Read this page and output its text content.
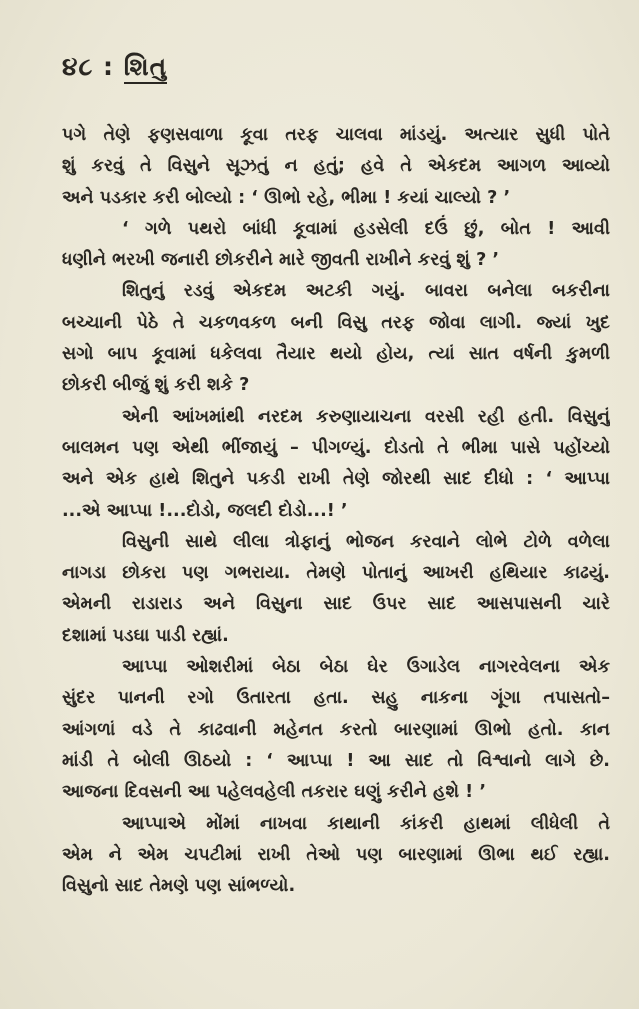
૪૮ : શિતુ
પગે તેણે ફણસવાળા કૂવા તરફ ચાલવા માંડયું. અત્યાર સુધી પોતે
શું કરવું તે વિસુને સૂઝતું ન હતું; હવે તે એકદમ આગળ આવ્યો
અને પડકાર કરી બોલ્યો : ‘ ઊભો રહે, ભીમા ! કયાં ચાલ્યો ? ’
‘ ગળે પથરો બાંધી કૂવામાં હડસેલી દઉં છું, બોત ! આવી
ધણીને ભરખી જનારી છોકરીને મારે જીવતી રાખીને કરવું શું ? ’
શિતુનું રડવું એકદમ અટકી ગયું. બાવરા બનેલા બકરીના
બચ્ચાની પેઠે તે ચકળવકળ બની વિસુ તરફ જોવા લાગી. જ્યાં ખુદ
સગો બાપ કૂવામાં ધકેલવા તૈયાર થયો હોય, ત્યાં સાત વર્ષની કુમળી
છોકરી બીજું શું કરી શકે ?
એની આંખમાંથી નરદમ કરુણાયાચના વરસી રહી હતી. વિસુનું
બાલમન પણ એથી ભીંજાયું – પીગળ્યું. દોડતો તે ભીમા પાસે પહોંચ્યો
અને એક હાથે શિતુને પકડી રાખી તેણે જોરથી સાદ દીધો : ‘ આપ્પા
...એ આપ્પા !...દોડો, જલદી દોડો...! ’
વિસુની સાથે લીલા ત્રોફાનું ભોજન કરવાને લોભે ટોળે વળેલા
નાગડા છોકરા પણ ગભરાયા. તેમણે પોતાનું આખરી હથિયાર કાઢયું.
એમની રાડારાડ અને વિસુના સાદ ઉપર સાદ આસપાસની ચારે
દશામાં પડઘા પાડી રહ્યાં.
આપ્પા ઓશરીમાં બેઠા બેઠા ઘેર ઉગાડેલ નાગરવેલના એક
સુંદર પાનની રગો ઉતારતા હતા. સહુ નાકના ગૂંગા તપાસતો–
આંગળાં વડે તે કાઢવાની મહેનત કરતો બારણામાં ઊભો હતો. કાન
માંડી તે બોલી ઊઠયો : ‘ આપ્પા ! આ સાદ તો વિશ્વાનો લાગે છે.
આજના દિવસની આ પહેલવહેલી તકરાર ઘણું કરીને હશે ! ’
આપ્પાએ મોંમાં નાખવા કાથાની કાંકરી હાથમાં લીધેલી તે
એમ ને એમ ચપટીમાં રાખી તેઓ પણ બારણામાં ઊભા થઈ રહ્યા.
વિસુનો સાદ તેમણે પણ સાંભળ્યો.
